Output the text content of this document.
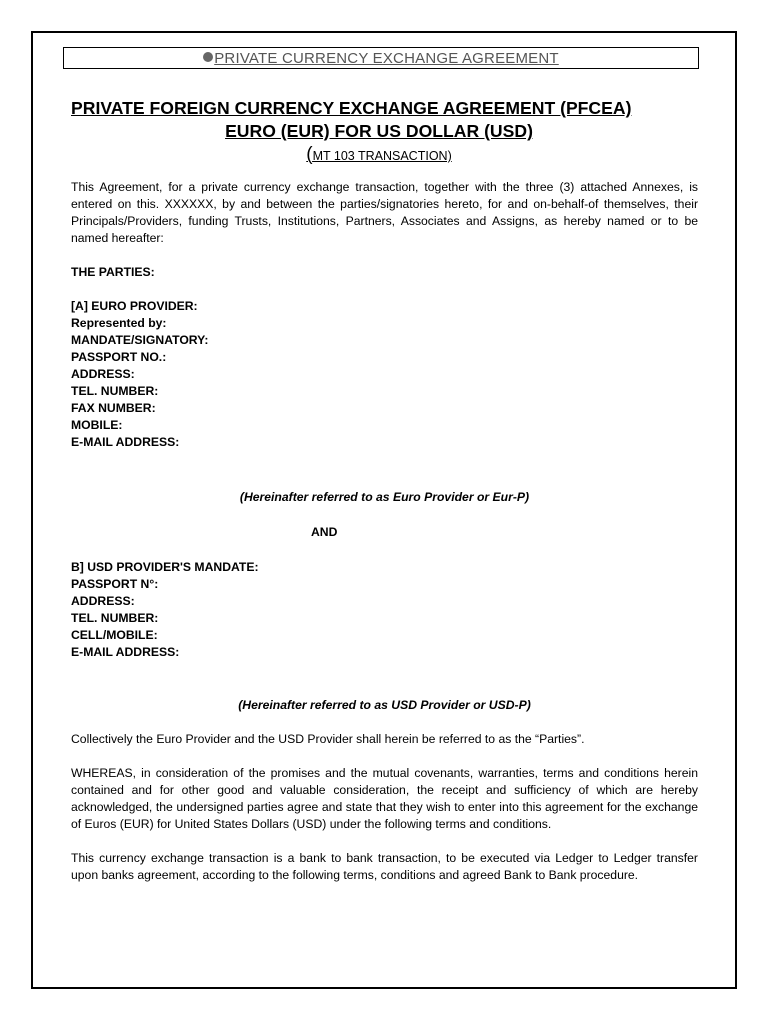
PRIVATE CURRENCY EXCHANGE AGREEMENT
PRIVATE FOREIGN CURRENCY EXCHANGE AGREEMENT (PFCEA)
EURO (EUR) FOR US DOLLAR (USD)
(MT 103 TRANSACTION)

This Agreement, for a private currency exchange transaction, together with the three (3) attached Annexes, is entered on this. XXXXXX, by and between the parties/signatories hereto, for and on-behalf-of themselves, their Principals/Providers, funding Trusts, Institutions, Partners, Associates and Assigns, as hereby named or to be named hereafter:

THE PARTIES:

[A] EURO PROVIDER:
Represented by:
MANDATE/SIGNATORY:
PASSPORT NO.:
ADDRESS:
TEL. NUMBER:
FAX NUMBER:
MOBILE:
E-MAIL ADDRESS:

(Hereinafter referred to as Euro Provider or Eur-P)

AND

B] USD PROVIDER'S MANDATE:
PASSPORT N°:
ADDRESS:
TEL. NUMBER:
CELL/MOBILE:
E-MAIL ADDRESS:

(Hereinafter referred to as USD Provider or USD-P)

Collectively the Euro Provider and the USD Provider shall herein be referred to as the “Parties”.

WHEREAS, in consideration of the promises and the mutual covenants, warranties, terms and conditions herein contained and for other good and valuable consideration, the receipt and sufficiency of which are hereby acknowledged, the undersigned parties agree and state that they wish to enter into this agreement for the exchange of Euros (EUR) for United States Dollars (USD) under the following terms and conditions.

This currency exchange transaction is a bank to bank transaction, to be executed via Ledger to Ledger transfer upon banks agreement, according to the following terms, conditions and agreed Bank to Bank procedure.
